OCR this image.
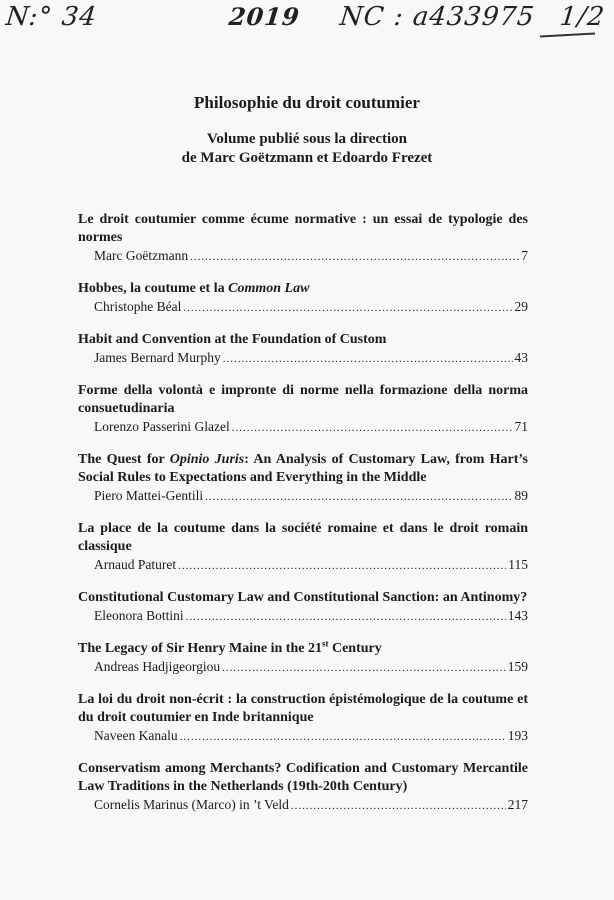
N:° 34	2019 NC : a433975 1/2
Philosophie du droit coutumier
Volume publié sous la direction
de Marc Goëtzmann et Edoardo Frezet
Le droit coutumier comme écume normative : un essai de typologie des normes
Marc Goëtzmann .....	7
Hobbes, la coutume et la Common Law
Christophe Béal .....	29
Habit and Convention at the Foundation of Custom
James Bernard Murphy .....	43
Forme della volontà e impronte di norme nella formazione della norma consuetudinaria
Lorenzo Passerini Glazel .....	71
The Quest for Opinio Juris: An Analysis of Customary Law, from Hart’s Social Rules to Expectations and Everything in the Middle
Piero Mattei-Gentili .....	89
La place de la coutume dans la société romaine et dans le droit romain classique
Arnaud Paturet .....	115
Constitutional Customary Law and Constitutional Sanction: an Antinomy?
Eleonora Bottini .....	143
The Legacy of Sir Henry Maine in the 21st Century
Andreas Hadjigeorgiou .....	159
La loi du droit non-écrit : la construction épistémologique de la coutume et du droit coutumier en Inde britannique
Naveen Kanalu .....	193
Conservatism among Merchants? Codification and Customary Mercantile Law Traditions in the Netherlands (19th-20th Century)
Cornelis Marinus (Marco) in ’t Veld .....	217
